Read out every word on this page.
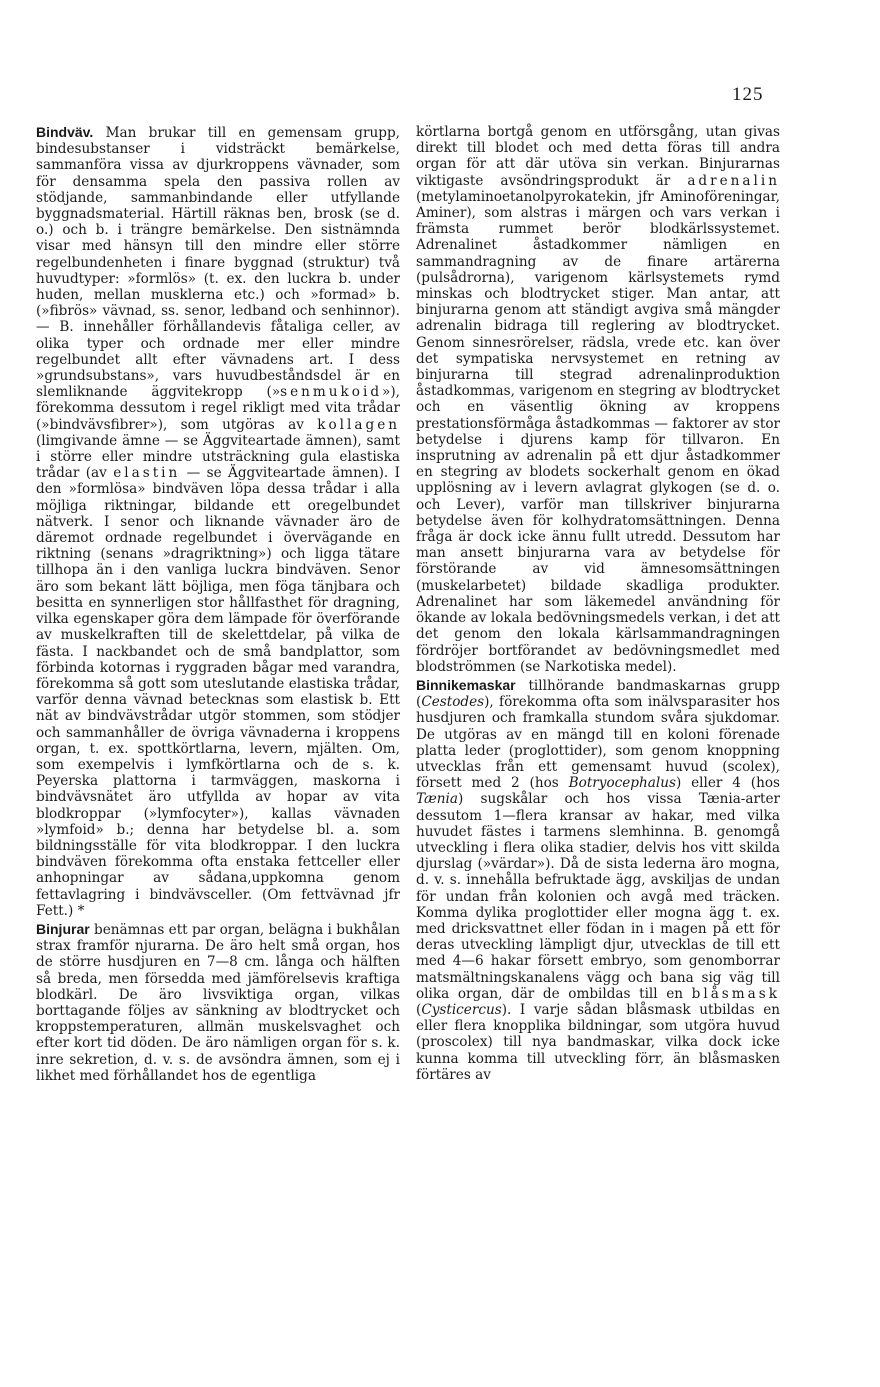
125

Bindväv. Man brukar till en gemensam grupp, bindesubstanser i vidsträckt bemärkelse, sammanföra vissa av djurkroppens vävnader, som för densamma spela den passiva rollen av stödjande, sammanbindande eller utfyllande byggnadsmaterial. Härtill räknas ben, brosk (se d. o.) och b. i trängre bemärkelse. Den sistnämnda visar med hänsyn till den mindre eller större regelbundenheten i finare byggnad (struktur) två huvudtyper: »formlös» (t. ex. den luckra b. under huden, mellan musklerna etc.) och »formad» b. (»fibrös» vävnad, ss. senor, ledband och senhinnor). — B. innehåller förhållandevis fåtaliga celler, av olika typer och ordnade mer eller mindre regelbundet allt efter vävnadens art. I dess »grundsubstans», vars huvudbeståndsdel är en slemliknande äggvitekropp (»senmukoid»), förekomma dessutom i regel rikligt med vita trådar (»bindvävsfibrer»), som utgöras av kollagen (limgivande ämne — se Äggviteartade ämnen), samt i större eller mindre utsträckning gula elastiska trådar (av elastin — se Äggviteartade ämnen). I den »formlösa» bindväven löpa dessa trådar i alla möjliga riktningar, bildande ett oregelbundet nätverk. I senor och liknande vävnader äro de däremot ordnade regelbundet i övervägande en riktning (senans »dragriktning») och ligga tätare tillhopa än i den vanliga luckra bindväven. Senor äro som bekant lätt böjliga, men föga tänjbara och besitta en synnerligen stor hållfasthet för dragning, vilka egenskaper göra dem lämpade för överförande av muskelkraften till de skelettdelar, på vilka de fästa. I nackbandet och de små bandplattor, som förbinda kotornas i ryggraden bågar med varandra, förekomma så gott som uteslutande elastiska trådar, varför denna vävnad betecknas som elastisk b. Ett nät av bindvävstrådar utgör stommen, som stödjer och sammanhåller de övriga vävnaderna i kroppens organ, t. ex. spottkörtlarna, levern, mjälten. Om, som exempelvis i lymfkörtlarna och de s. k. Peyerska plattorna i tarmväggen, maskorna i bindvävsnätet äro utfyllda av hopar av vita blodkroppar (»lymfocyter»), kallas vävnaden »lymfoid» b.; denna har betydelse bl. a. som bildningsställe för vita blodkroppar. I den luckra bindväven förekomma ofta enstaka fettceller eller anhopningar av sådana,uppkomna genom fettavlagring i bindvävsceller. (Om fettvävnad jfr Fett.) *

Binjurar benämnas ett par organ, belägna i bukhålan strax framför njurarna. De äro helt små organ, hos de större husdjuren en 7—8 cm. långa och hälften så breda, men försedda med jämförelsevis kraftiga blodkärl. De äro livsviktiga organ, vilkas borttagande följes av sänkning av blodtrycket och kroppstemperaturen, allmän muskelsvaghet och efter kort tid döden. De äro nämligen organ för s. k. inre sekretion, d. v. s. de avsöndra ämnen, som ej i likhet med förhållandet hos de egentliga

körtlarna bortgå genom en utförsgång, utan givas direkt till blodet och med detta föras till andra organ för att där utöva sin verkan. Binjurarnas viktigaste avsöndringsprodukt är adrenalin (metylaminoetanolpyrokatekin, jfr Aminoföreningar, Aminer), som alstras i märgen och vars verkan i främsta rummet berör blodkärlssystemet. Adrenalinet åstadkommer nämligen en sammandragning av de finare artärerna (pulsådrorna), varigenom kärlsystemets rymd minskas och blodtrycket stiger. Man antar, att binjurarna genom att ständigt avgiva små mängder adrenalin bidraga till reglering av blodtrycket. Genom sinnesrörelser, rädsla, vrede etc. kan över det sympatiska nervsystemet en retning av binjurarna till stegrad adrenalinproduktion åstadkommas, varigenom en stegring av blodtrycket och en väsentlig ökning av kroppens prestationsförmåga åstadkommas — faktorer av stor betydelse i djurens kamp för tillvaron. En insprutning av adrenalin på ett djur åstadkommer en stegring av blodets sockerhalt genom en ökad upplösning av i levern avlagrat glykogen (se d. o. och Lever), varför man tillskriver binjurarna betydelse även för kolhydratomsättningen. Denna fråga är dock icke ännu fullt utredd. Dessutom har man ansett binjurarna vara av betydelse för förstörande av vid ämnesomsättningen (muskelarbetet) bildade skadliga produkter. Adrenalinet har som läkemedel användning för ökande av lokala bedövningsmedels verkan, i det att det genom den lokala kärlsammandragningen fördröjer bortförandet av bedövningsmedlet med blodströmmen (se Narkotiska medel).

Binnikemaskar tillhörande bandmaskarnas grupp (Cestodes), förekomma ofta som inälvsparasiter hos husdjuren och framkalla stundom svåra sjukdomar. De utgöras av en mängd till en koloni förenade platta leder (proglottider), som genom knoppning utvecklas från ett gemensamt huvud (scolex), försett med 2 (hos Botryocephalus) eller 4 (hos Tænia) sugskålar och hos vissa Tænia-arter dessutom 1—flera kransar av hakar, med vilka huvudet fästes i tarmens slemhinna. B. genomgå utveckling i flera olika stadier, delvis hos vitt skilda djurslag (»värdar»). Då de sista lederna äro mogna, d. v. s. innehålla befruktade ägg, avskiljas de undan för undan från kolonien och avgå med träcken. Komma dylika proglottider eller mogna ägg t. ex. med dricksvattnet eller födan in i magen på ett för deras utveckling lämpligt djur, utvecklas de till ett med 4—6 hakar försett embryo, som genomborrar matsmältningskanalens vägg och bana sig väg till olika organ, där de ombildas till en blåsmask (Cysticercus). I varje sådan blåsmask utbildas en eller flera knopplika bildningar, som utgöra huvud (proscolex) till nya bandmaskar, vilka dock icke kunna komma till utveckling förr, än blåsmasken förtäres av
